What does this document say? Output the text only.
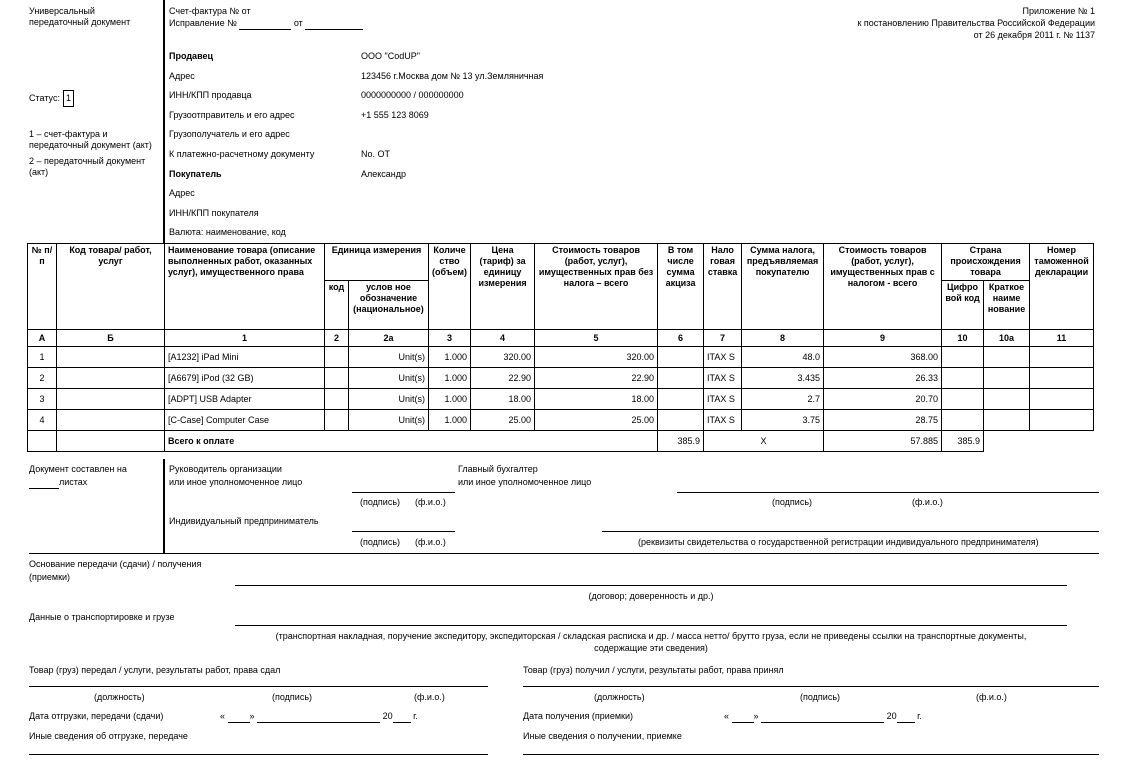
Универсальный передаточный документ
Статус: 1
1 – счет-фактура и передаточный документ (акт)
2 – передаточный документ (акт)
Счет-фактура № от
Исправление №	от
Приложение № 1
к постановлению Правительства Российской Федерации
от 26 декабря 2011 г. № 1137
Продавец	ООО "CodUP"
Адрес	123456 г.Москва дом № 13 ул.Земляничная
ИНН/КПП продавца	0000000000 / 000000000
Грузоотправитель и его адрес	+1 555 123 8069
Грузополучатель и его адрес
К платежно-расчетному документу	No. OT
Покупатель	Александр
Адрес
ИНН/КПП покупателя
Валюта: наименование, код
№ п/п	Код товара/ работ, услуг	Наименование товара (описание выполненных работ, оказанных услуг), имущественного права	Единица измерения		Количе ство (объем)	Цена (тариф) за единицу измерения	Стоимость товаров (работ, услуг), имущественных прав без налога – всего	В том числе сумма акциза	Нало говая ставка	Сумма налога, предъявляемая покупателю	Стоимость товаров (работ, услуг), имущественных прав с налогом - всего	Страна происхождения товара		Номер таможенной декларации
			код	услов ное обозначение (национальное)								Цифро вой код	Краткое наиме нование	
А	Б	1	2	2а	3	4	5	6	7	8	9	10	10а	11
1		[A1232] iPad Mini		Unit(s)	1.000	320.00	320.00		ITAX S	48.0	368.00			
2		[A6679] iPod (32 GB)		Unit(s)	1.000	22.90	22.90		ITAX S	3.435	26.33			
3		[ADPT] USB Adapter		Unit(s)	1.000	18.00	18.00		ITAX S	2.7	20.70			
4		[C-Case] Computer Case		Unit(s)	1.000	25.00	25.00		ITAX S	3.75	28.75			
		Всего к оплате						385.9	X		57.885	385.9		
Документ составлен на
листах
Руководитель организации
или иное уполномоченное лицо
Главный бухгалтер
или иное уполномоченное лицо
(подпись) (ф.и.о.)	(подпись)	(ф.и.о.)
Индивидуальный предприниматель
(подпись) (ф.и.о.)	(реквизиты свидетельства о государственной регистрации индивидуального предпринимателя)
Основание передачи (сдачи) / получения
(приемки)
(договор; доверенность и др.)
Данные о транспортировке и грузе
(транспортная накладная, поручение экспедитору, экспедиторская / складская расписка и др. / масса нетто/ брутто груза, если не приведены ссылки на транспортные документы,
содержащие эти сведения)
Товар (груз) передал / услуги, результаты работ, права сдал	Товар (груз) получил / услуги, результаты работ, права принял
(должность)	(подпись)	(ф.и.о.)	(должность)	(подпись)	(ф.и.о.)
Дата отгрузки, передачи (сдачи)	«	»	20 г.	Дата получения (приемки)	«	»	20 г.
Иные сведения об отгрузке, передаче	Иные сведения о получении, приемке
